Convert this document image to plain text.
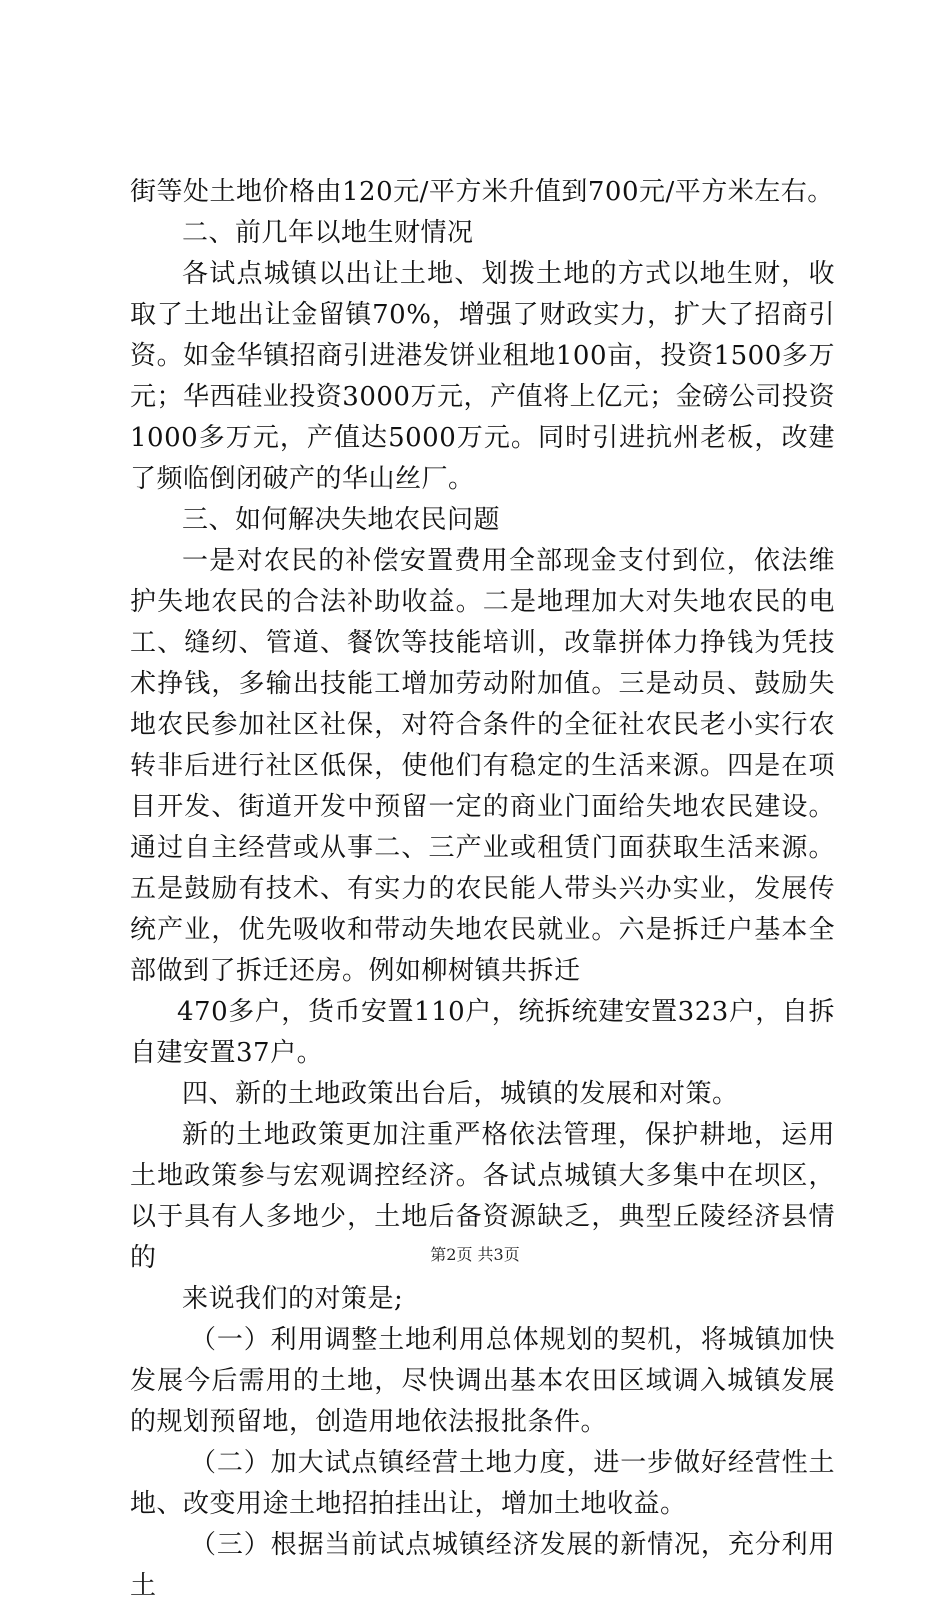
街等处土地价格由120元/平方米升值到700元/平方米左右。

二、前几年以地生财情况

各试点城镇以出让土地、划拨土地的方式以地生财，收取了土地出让金留镇70%，增强了财政实力，扩大了招商引资。如金华镇招商引进港发饼业租地100亩，投资1500多万元；华西硅业投资3000万元，产值将上亿元；金磅公司投资1000多万元，产值达5000万元。同时引进抗州老板，改建了频临倒闭破产的华山丝厂。

三、如何解决失地农民问题

一是对农民的补偿安置费用全部现金支付到位，依法维护失地农民的合法补助收益。二是地理加大对失地农民的电工、缝纫、管道、餐饮等技能培训，改靠拼体力挣钱为凭技术挣钱，多输出技能工增加劳动附加值。三是动员、鼓励失地农民参加社区社保，对符合条件的全征社农民老小实行农转非后进行社区低保，使他们有稳定的生活来源。四是在项目开发、街道开发中预留一定的商业门面给失地农民建设。通过自主经营或从事二、三产业或租赁门面获取生活来源。五是鼓励有技术、有实力的农民能人带头兴办实业，发展传统产业，优先吸收和带动失地农民就业。六是拆迁户基本全部做到了拆迁还房。例如柳树镇共拆迁

470多户，货币安置110户，统拆统建安置323户，自拆自建安置37户。

四、新的土地政策出台后，城镇的发展和对策。

新的土地政策更加注重严格依法管理，保护耕地，运用土地政策参与宏观调控经济。各试点城镇大多集中在坝区，以于具有人多地少，土地后备资源缺乏，典型丘陵经济县情的

来说我们的对策是;

（一）利用调整土地利用总体规划的契机，将城镇加快发展今后需用的土地，尽快调出基本农田区域调入城镇发展的规划预留地，创造用地依法报批条件。

（二）加大试点镇经营土地力度，进一步做好经营性土地、改变用途土地招拍挂出让，增加土地收益。

（三）根据当前试点城镇经济发展的新情况，充分利用土

第2页 共3页
